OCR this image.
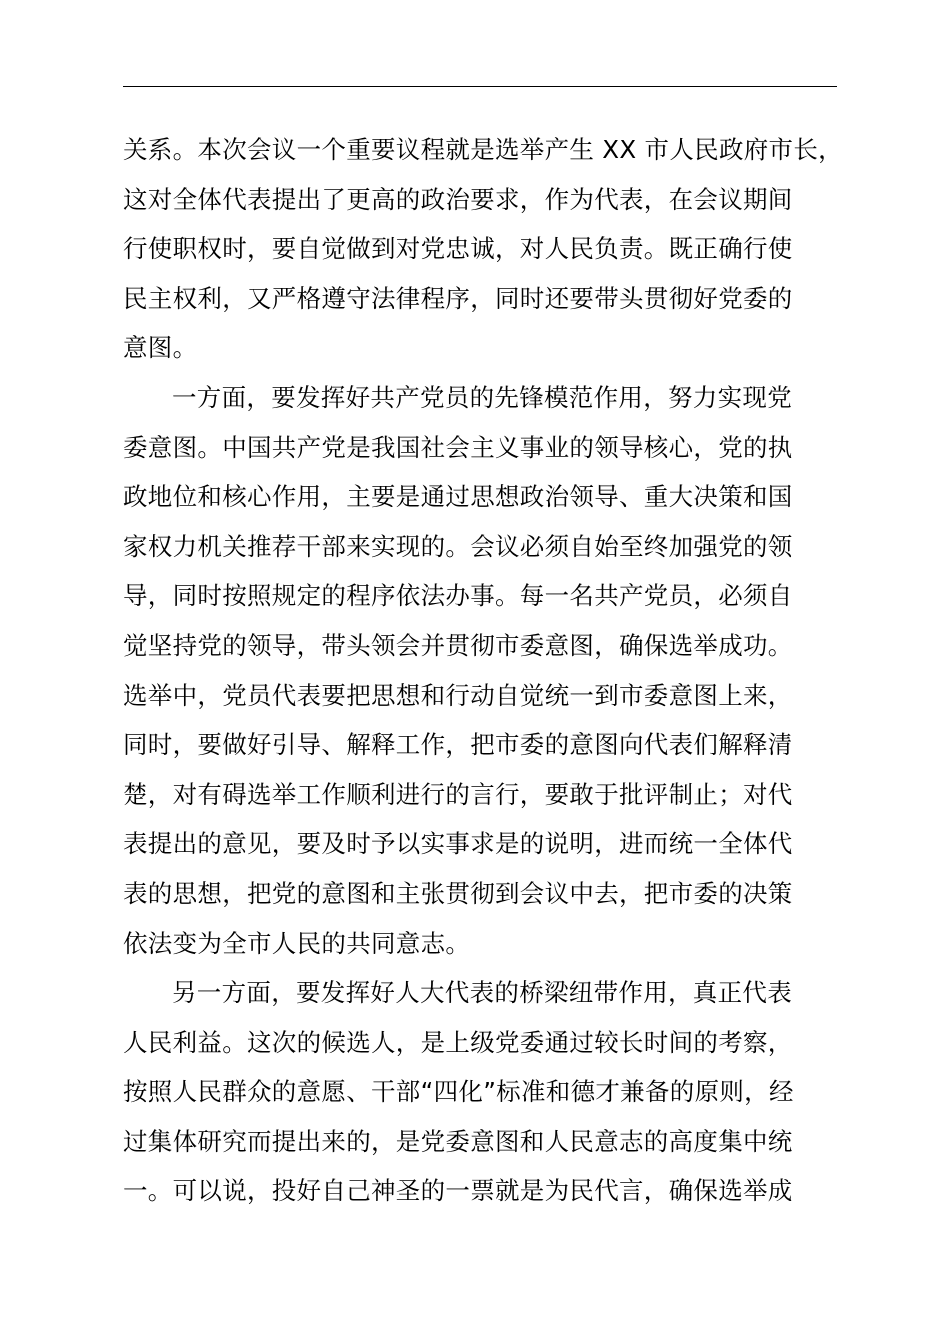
关系。本次会议一个重要议程就是选举产生 XX 市人民政府市长，
这对全体代表提出了更高的政治要求，作为代表，在会议期间
行使职权时，要自觉做到对党忠诚，对人民负责。既正确行使
民主权利，又严格遵守法律程序，同时还要带头贯彻好党委的
意图。

一方面，要发挥好共产党员的先锋模范作用，努力实现党
委意图。中国共产党是我国社会主义事业的领导核心，党的执
政地位和核心作用，主要是通过思想政治领导、重大决策和国
家权力机关推荐干部来实现的。会议必须自始至终加强党的领
导，同时按照规定的程序依法办事。每一名共产党员，必须自
觉坚持党的领导，带头领会并贯彻市委意图，确保选举成功。
选举中，党员代表要把思想和行动自觉统一到市委意图上来，
同时，要做好引导、解释工作，把市委的意图向代表们解释清
楚，对有碍选举工作顺利进行的言行，要敢于批评制止；对代
表提出的意见，要及时予以实事求是的说明，进而统一全体代
表的思想，把党的意图和主张贯彻到会议中去，把市委的决策
依法变为全市人民的共同意志。

另一方面，要发挥好人大代表的桥梁纽带作用，真正代表
人民利益。这次的候选人，是上级党委通过较长时间的考察，
按照人民群众的意愿、干部“四化”标准和德才兼备的原则，经
过集体研究而提出来的，是党委意图和人民意志的高度集中统
一。可以说，投好自己神圣的一票就是为民代言，确保选举成
